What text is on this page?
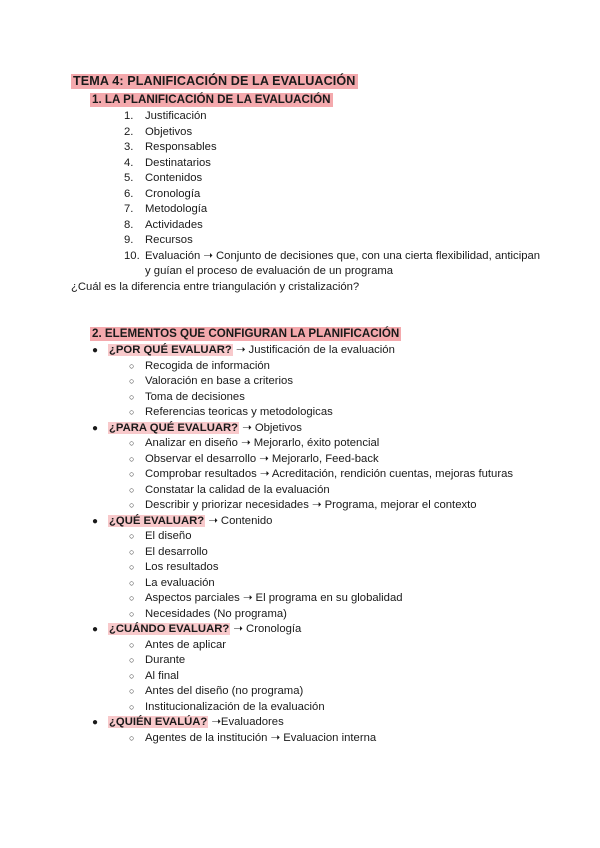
TEMA 4: PLANIFICACIÓN DE LA EVALUACIÓN
1. LA PLANIFICACIÓN DE LA EVALUACIÓN
1.	Justificación
2.	Objetivos
3.	Responsables
4.	Destinatarios
5.	Contenidos
6.	Cronología
7.	Metodología
8.	Actividades
9.	Recursos
10. Evaluación ➝ Conjunto de decisiones que, con una cierta flexibilidad, anticipan y guían el proceso de evaluación de un programa
¿Cuál es la diferencia entre triangulación y cristalización?
2. ELEMENTOS QUE CONFIGURAN LA PLANIFICACIÓN
● ¿POR QUÉ EVALUAR? ➝ Justificación de la evaluación
○ Recogida de información
○ Valoración en base a criterios
○ Toma de decisiones
○ Referencias teoricas y metodologicas
● ¿PARA QUÉ EVALUAR? ➝ Objetivos
○ Analizar en diseño ➝ Mejorarlo, éxito potencial
○ Observar el desarrollo ➝ Mejorarlo, Feed-back
○ Comprobar resultados ➝ Acreditación, rendición cuentas, mejoras futuras
○ Constatar la calidad de la evaluación
○ Describir y priorizar necesidades ➝ Programa, mejorar el contexto
● ¿QUÉ EVALUAR? ➝ Contenido
○ El diseño
○ El desarrollo
○ Los resultados
○ La evaluación
○ Aspectos parciales ➝ El programa en su globalidad
○ Necesidades (No programa)
● ¿CUÁNDO EVALUAR? ➝ Cronología
○ Antes de aplicar
○ Durante
○ Al final
○ Antes del diseño (no programa)
○ Institucionalización de la evaluación
● ¿QUIÉN EVALÚA? ➝Evaluadores
○ Agentes de la institución ➝ Evaluacion interna
